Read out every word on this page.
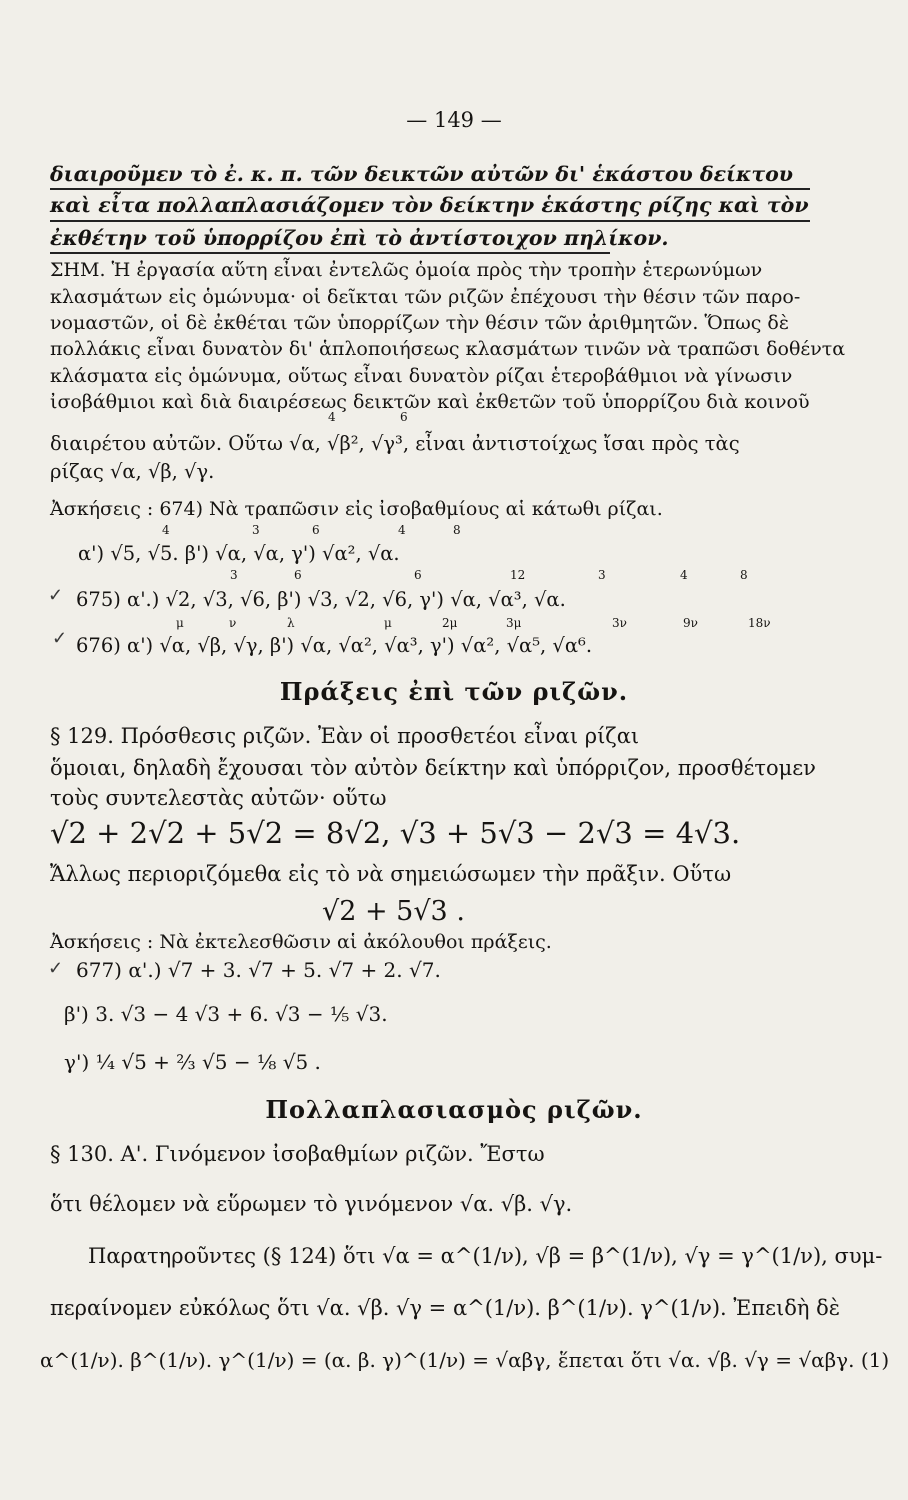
— 149 —
διαιροῦμεν τὸ ἐ. κ. π. τῶν δεικτῶν αὐτῶν δι' ἑκάστου δείκτου
καὶ εἶτα πολλαπλασιάζομεν τὸν δείκτην ἑκάστης ρίζης καὶ τὸν
ἐκθέτην τοῦ ὑπορρίζου ἐπὶ τὸ ἀντίστοιχον πηλίκον.
ΣΗΜ. Ἡ ἐργασία αὕτη εἶναι ἐντελῶς ὁμοία πρὸς τὴν τροπὴν ἑτερωνύμων
κλασμάτων εἰς ὁμώνυμα· οἱ δεῖκται τῶν ριζῶν ἐπέχουσι τὴν θέσιν τῶν παρο-
νομαστῶν, οἱ δὲ ἐκθέται τῶν ὑπορρίζων τὴν θέσιν τῶν ἀριθμητῶν. Ὅπως δὲ
πολλάκις εἶναι δυνατὸν δι' ἁπλοποιήσεως κλασμάτων τινῶν νὰ τραπῶσι δοθέντα
κλάσματα εἰς ὁμώνυμα, οὕτως εἶναι δυνατὸν ρίζαι ἑτεροβάθμιοι νὰ γίνωσιν
ἰσοβάθμιοι καὶ διὰ διαιρέσεως δεικτῶν καὶ ἐκθετῶν τοῦ ὑπορρίζου διὰ κοινοῦ
4	6
διαιρέτου αὐτῶν. Οὕτω √α, √β², √γ³, εἶναι ἀντιστοίχως ἴσαι πρὸς τὰς
ρίζας √α, √β, √γ.
Ἀσκήσεις : 674) Νὰ τραπῶσιν εἰς ἰσοβαθμίους αἱ κάτωθι ρίζαι.
4	3	6	4	8
α') √5, √5. β') √α, √α, γ') √α², √α.
3	6	6	12	3	4	8
✓ 675) α'.) √2, √3, √6, β') √3, √2, √6, γ') √α, √α³, √α.
μ	ν	λ	μ	2μ	3μ	3ν	9ν	18ν
✓ 676) α') √α, √β, √γ, β') √α, √α², √α³, γ') √α², √α⁵, √α⁶.
Πράξεις ἐπὶ τῶν ριζῶν.
§ 129. Πρόσθεσις ριζῶν. Ἐὰν οἱ προσθετέοι εἶναι ρίζαι
ὅμοιαι, δηλαδὴ ἔχουσαι τὸν αὐτὸν δείκτην καὶ ὑπόρριζον, προσθέτομεν
τοὺς συντελεστὰς αὐτῶν· οὕτω
√2 + 2√2 + 5√2 = 8√2, √3 + 5√3 − 2√3 = 4√3.
Ἄλλως περιοριζόμεθα εἰς τὸ νὰ σημειώσωμεν τὴν πρᾶξιν. Οὕτω
√2 + 5√3 .
Ἀσκήσεις : Νὰ ἐκτελεσθῶσιν αἱ ἀκόλουθοι πράξεις.
✓ 677) α'.) √7 + 3. √7 + 5. √7 + 2. √7.
β') 3. √3 − 4 √3 + 6. √3 − ⅕ √3.
γ') ¼ √5 + ⅔ √5 − ⅛ √5 .
Πολλαπλασιασμὸς ριζῶν.
§ 130. Α'. Γινόμενον ἰσοβαθμίων ριζῶν. Ἔστω
ὅτι θέλομεν νὰ εὕρωμεν τὸ γινόμενον √α. √β. √γ.
Παρατηροῦντες (§ 124) ὅτι √α = α^(1/ν), √β = β^(1/ν), √γ = γ^(1/ν), συμ-
περαίνομεν εὐκόλως ὅτι √α. √β. √γ = α^(1/ν). β^(1/ν). γ^(1/ν). Ἐπειδὴ δὲ
α^(1/ν). β^(1/ν). γ^(1/ν) = (α. β. γ)^(1/ν) = √αβγ, ἕπεται ὅτι √α. √β. √γ = √αβγ. (1)
